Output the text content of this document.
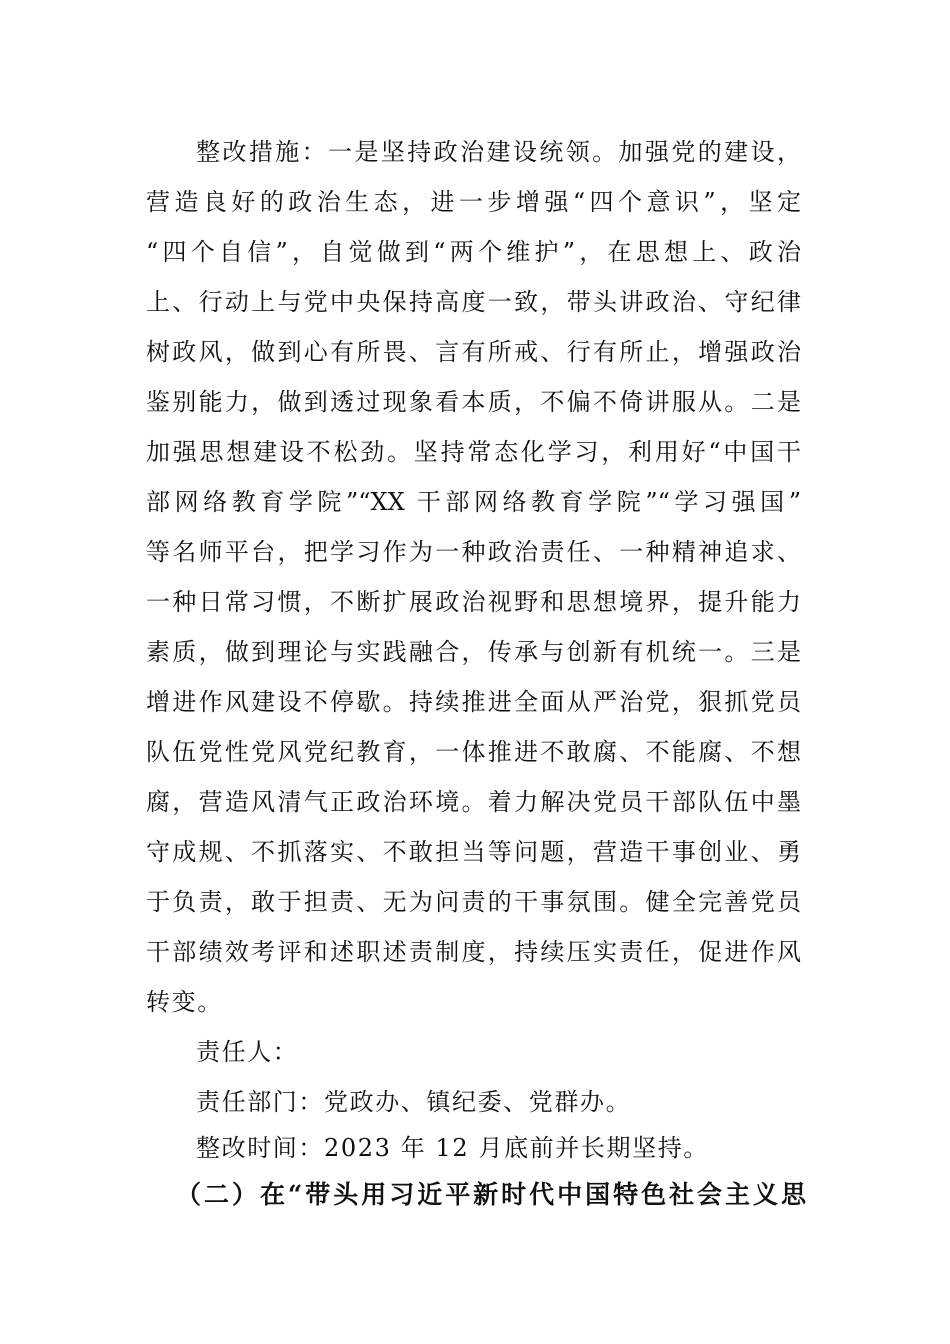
整改措施：一是坚持政治建设统领。加强党的建设，
营造良好的政治生态，进一步增强“四个意识”，坚定
“四个自信”，自觉做到“两个维护”，在思想上、政治
上、行动上与党中央保持高度一致，带头讲政治、守纪律
树政风，做到心有所畏、言有所戒、行有所止，增强政治
鉴别能力，做到透过现象看本质，不偏不倚讲服从。二是
加强思想建设不松劲。坚持常态化学习，利用好“中国干
部网络教育学院”“XX 干部网络教育学院”“学习强国”
等名师平台，把学习作为一种政治责任、一种精神追求、
一种日常习惯，不断扩展政治视野和思想境界，提升能力
素质，做到理论与实践融合，传承与创新有机统一。三是
增进作风建设不停歇。持续推进全面从严治党，狠抓党员
队伍党性党风党纪教育，一体推进不敢腐、不能腐、不想
腐，营造风清气正政治环境。着力解决党员干部队伍中墨
守成规、不抓落实、不敢担当等问题，营造干事创业、勇
于负责，敢于担责、无为问责的干事氛围。健全完善党员
干部绩效考评和述职述责制度，持续压实责任，促进作风
转变。
责任人：
责任部门：党政办、镇纪委、党群办。
整改时间：2023 年 12 月底前并长期坚持。
（二）在“带头用习近平新时代中国特色社会主义思
